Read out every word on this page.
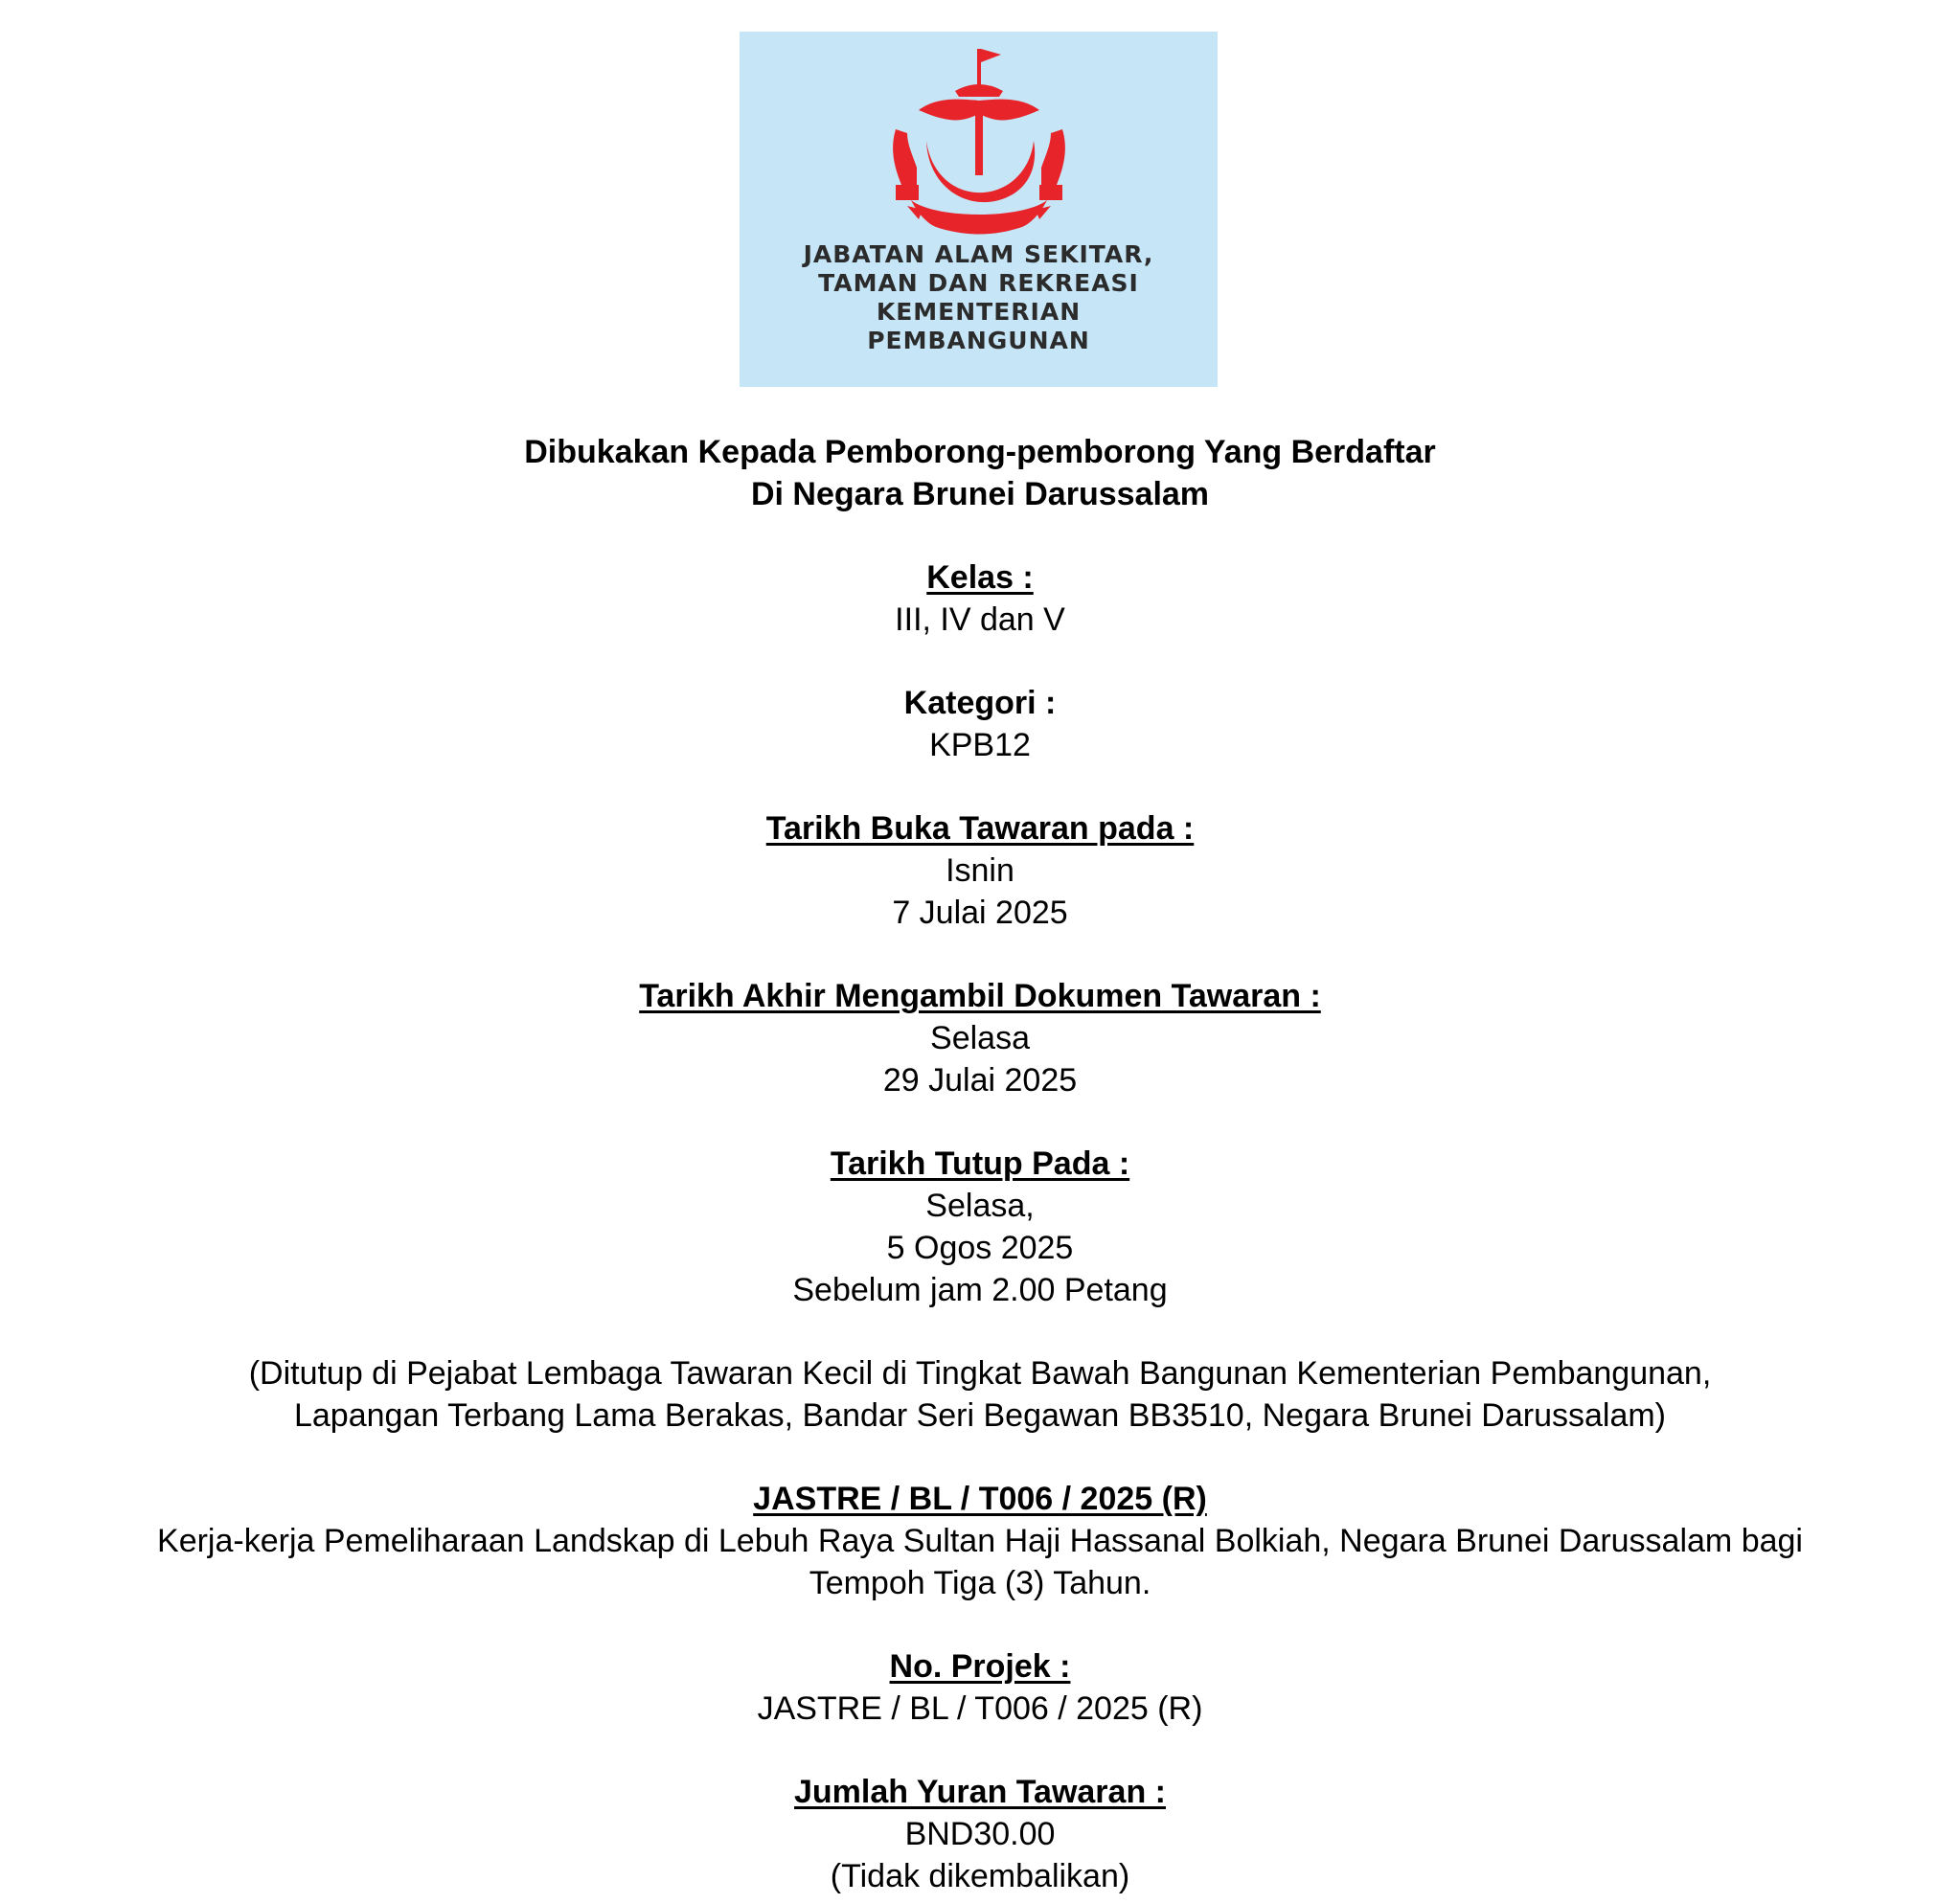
JABATAN ALAM SEKITAR,
TAMAN DAN REKREASI
KEMENTERIAN
PEMBANGUNAN
Dibukakan Kepada Pemborong-pemborong Yang Berdaftar
Di Negara Brunei Darussalam
Kelas :
III, IV dan V
Kategori :
KPB12
Tarikh Buka Tawaran pada :
Isnin
7 Julai 2025
Tarikh Akhir Mengambil Dokumen Tawaran :
Selasa
29 Julai 2025
Tarikh Tutup Pada :
Selasa,
5 Ogos 2025
Sebelum jam 2.00 Petang
(Ditutup di Pejabat Lembaga Tawaran Kecil di Tingkat Bawah Bangunan Kementerian Pembangunan,
Lapangan Terbang Lama Berakas, Bandar Seri Begawan BB3510, Negara Brunei Darussalam)
JASTRE / BL / T006 / 2025 (R)
Kerja-kerja Pemeliharaan Landskap di Lebuh Raya Sultan Haji Hassanal Bolkiah, Negara Brunei Darussalam bagi
Tempoh Tiga (3) Tahun.
No. Projek :
JASTRE / BL / T006 / 2025 (R)
Jumlah Yuran Tawaran :
BND30.00
(Tidak dikembalikan)
